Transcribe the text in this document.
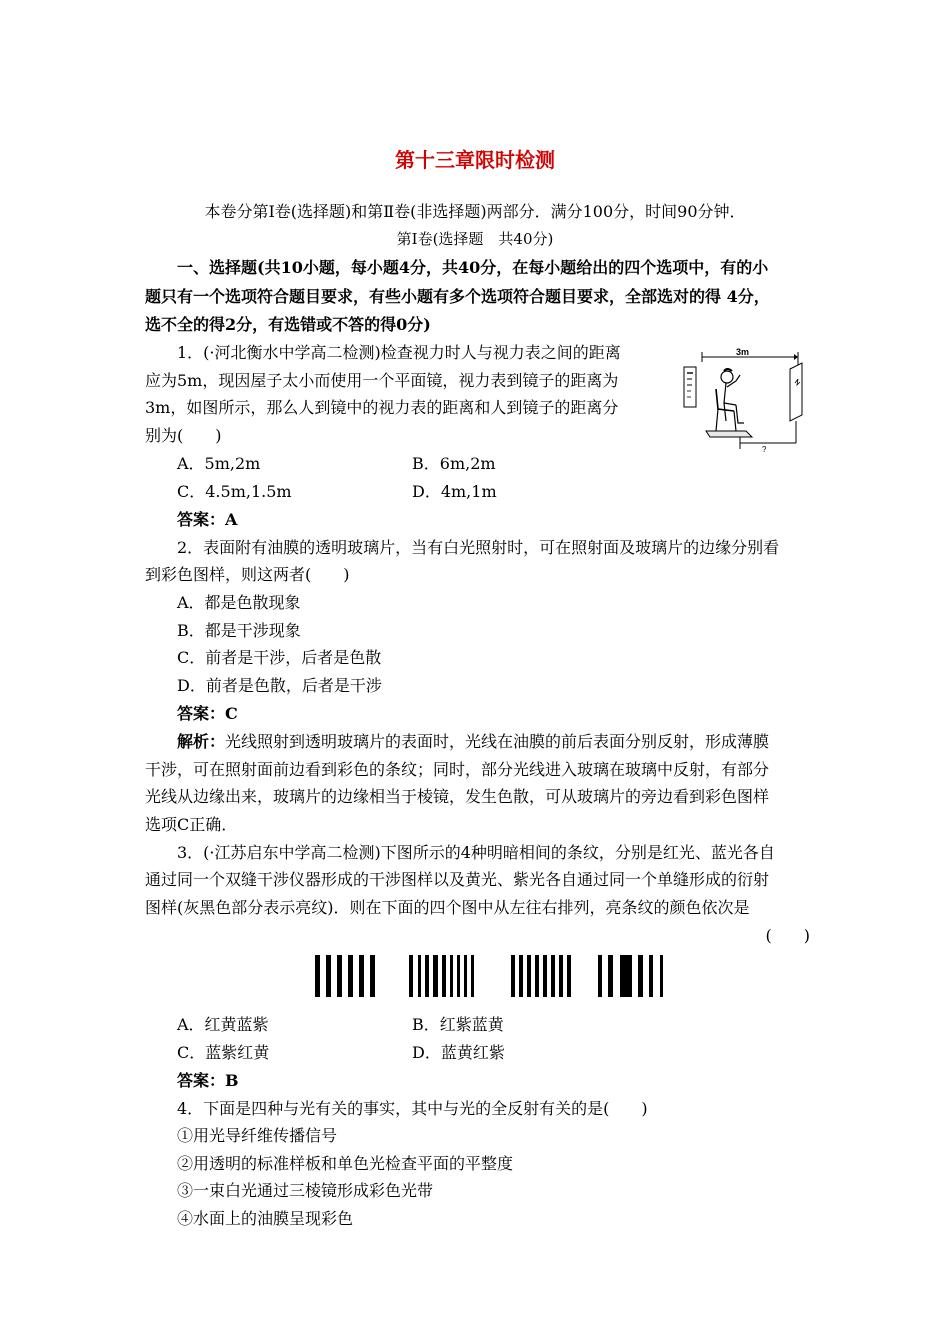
第十三章限时检测
本卷分第Ⅰ卷(选择题)和第Ⅱ卷(非选择题)两部分．满分100分，时间90分钟．
第Ⅰ卷(选择题　共40分)
一、选择题(共10小题，每小题4分，共40分，在每小题给出的四个选项中，有的小
题只有一个选项符合题目要求，有些小题有多个选项符合题目要求，全部选对的得 4分，
选不全的得2分，有选错或不答的得0分)
1．(·河北衡水中学高二检测)检查视力时人与视力表之间的距离
应为5m，现因屋子太小而使用一个平面镜，视力表到镜子的距离为
3m，如图所示，那么人到镜中的视力表的距离和人到镜子的距离分
别为(　　)
3m
?
A．5m,2m	B．6m,2m
C．4.5m,1.5m	D．4m,1m
答案：A
2．表面附有油膜的透明玻璃片，当有白光照射时，可在照射面及玻璃片的边缘分别看
到彩色图样，则这两者(　　)
A．都是色散现象
B．都是干涉现象
C．前者是干涉，后者是色散
D．前者是色散，后者是干涉
答案：C
解析：光线照射到透明玻璃片的表面时，光线在油膜的前后表面分别反射，形成薄膜
干涉，可在照射面前边看到彩色的条纹；同时，部分光线进入玻璃在玻璃中反射，有部分
光线从边缘出来，玻璃片的边缘相当于棱镜，发生色散，可从玻璃片的旁边看到彩色图样
选项C正确．
3．(·江苏启东中学高二检测)下图所示的4种明暗相间的条纹，分别是红光、蓝光各自
通过同一个双缝干涉仪器形成的干涉图样以及黄光、紫光各自通过同一个单缝形成的衍射
图样(灰黑色部分表示亮纹)．则在下面的四个图中从左往右排列，亮条纹的颜色依次是
(　　)
A．红黄蓝紫	B．红紫蓝黄
C．蓝紫红黄	D．蓝黄红紫
答案：B
4．下面是四种与光有关的事实，其中与光的全反射有关的是(　　)
①用光导纤维传播信号
②用透明的标准样板和单色光检查平面的平整度
③一束白光通过三棱镜形成彩色光带
④水面上的油膜呈现彩色
